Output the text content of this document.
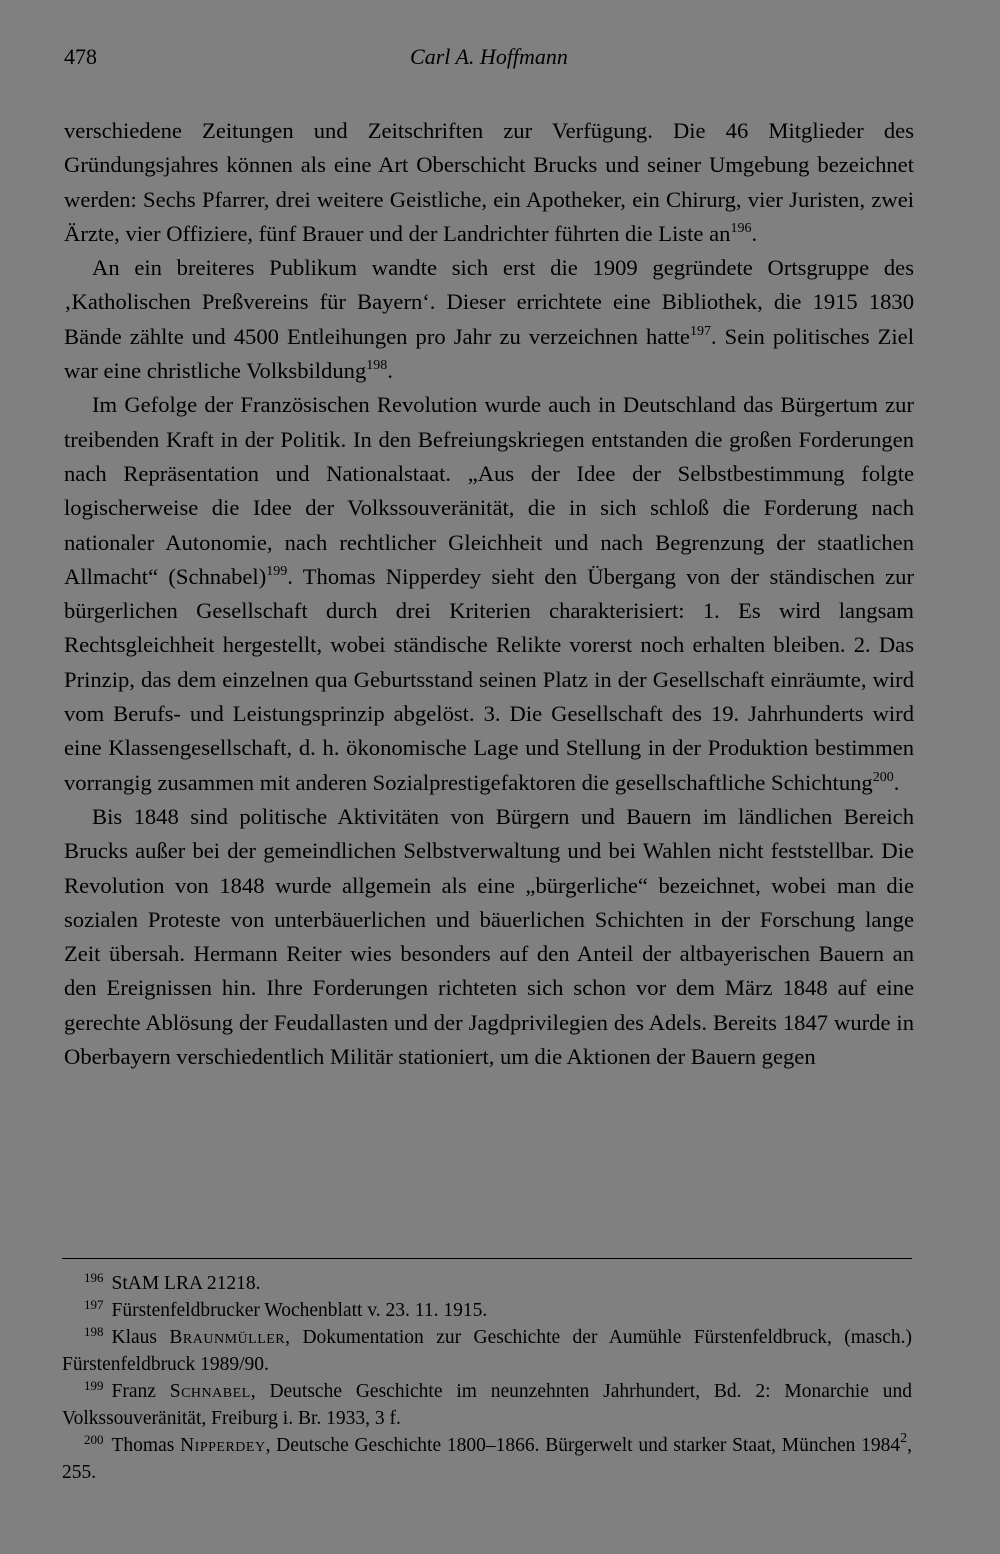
478	Carl A. Hoffmann

verschiedene Zeitungen und Zeitschriften zur Verfügung. Die 46 Mitglieder des Gründungsjahres können als eine Art Oberschicht Brucks und seiner Umgebung bezeichnet werden: Sechs Pfarrer, drei weitere Geistliche, ein Apotheker, ein Chirurg, vier Juristen, zwei Ärzte, vier Offiziere, fünf Brauer und der Landrichter führten die Liste $an^{196}$.

An ein breiteres Publikum wandte sich erst die 1909 gegründete Ortsgruppe des ‚Katholischen Preßvereins für Bayern‘. Dieser errichtete eine Bibliothek, die 1915 1830 Bände zählte und 4500 Entleihungen pro Jahr zu verzeichnen hatte$^{197}$. Sein politisches Ziel war eine christliche Volksbildung$^{198}$.

Im Gefolge der Französischen Revolution wurde auch in Deutschland das Bürgertum zur treibenden Kraft in der Politik. In den Befreiungskriegen entstanden die großen Forderungen nach Repräsentation und Nationalstaat. „Aus der Idee der Selbstbestimmung folgte logischerweise die Idee der Volkssouveränität, die in sich schloß die Forderung nach nationaler Autonomie, nach rechtlicher Gleichheit und nach Begrenzung der staatlichen Allmacht“ (Schnabel)$^{199}$. Thomas Nipperdey sieht den Übergang von der ständischen zur bürgerlichen Gesellschaft durch drei Kriterien charakterisiert: 1. Es wird langsam Rechtsgleichheit hergestellt, wobei ständische Relikte vorerst noch erhalten bleiben. 2. Das Prinzip, das dem einzelnen qua Geburtsstand seinen Platz in der Gesellschaft einräumte, wird vom Berufs- und Leistungsprinzip abgelöst. 3. Die Gesellschaft des 19. Jahrhunderts wird eine Klassengesellschaft, d. h. ökonomische Lage und Stellung in der Produktion bestimmen vorrangig zusammen mit anderen Sozialprestigefaktoren die gesellschaftliche Schichtung$^{200}$.

Bis 1848 sind politische Aktivitäten von Bürgern und Bauern im ländlichen Bereich Brucks außer bei der gemeindlichen Selbstverwaltung und bei Wahlen nicht feststellbar. Die Revolution von 1848 wurde allgemein als eine „bürgerliche“ bezeichnet, wobei man die sozialen Proteste von unterbäuerlichen und bäuerlichen Schichten in der Forschung lange Zeit übersah. Hermann Reiter wies besonders auf den Anteil der altbayerischen Bauern an den Ereignissen hin. Ihre Forderungen richteten sich schon vor dem März 1848 auf eine gerechte Ablösung der Feudallasten und der Jagdprivilegien des Adels. Bereits 1847 wurde in Oberbayern verschiedentlich Militär stationiert, um die Aktionen der Bauern gegen

$^{196}$ StAM LRA 21218.

$^{197}$ Fürstenfeldbrucker Wochenblatt v. 23. 11. 1915.

$^{198}$ Klaus Braunmüller, Dokumentation zur Geschichte der Aumühle Fürstenfeldbruck, (masch.) Fürstenfeldbruck 1989/90.

$^{199}$ Franz Schnabel, Deutsche Geschichte im neunzehnten Jahrhundert, Bd. 2: Monarchie und Volkssouveränität, Freiburg i. Br. 1933, 3 f.

$^{200}$ Thomas Nipperdey, Deutsche Geschichte 1800–1866. Bürgerwelt und starker Staat, München 1984$^2$, 255.
